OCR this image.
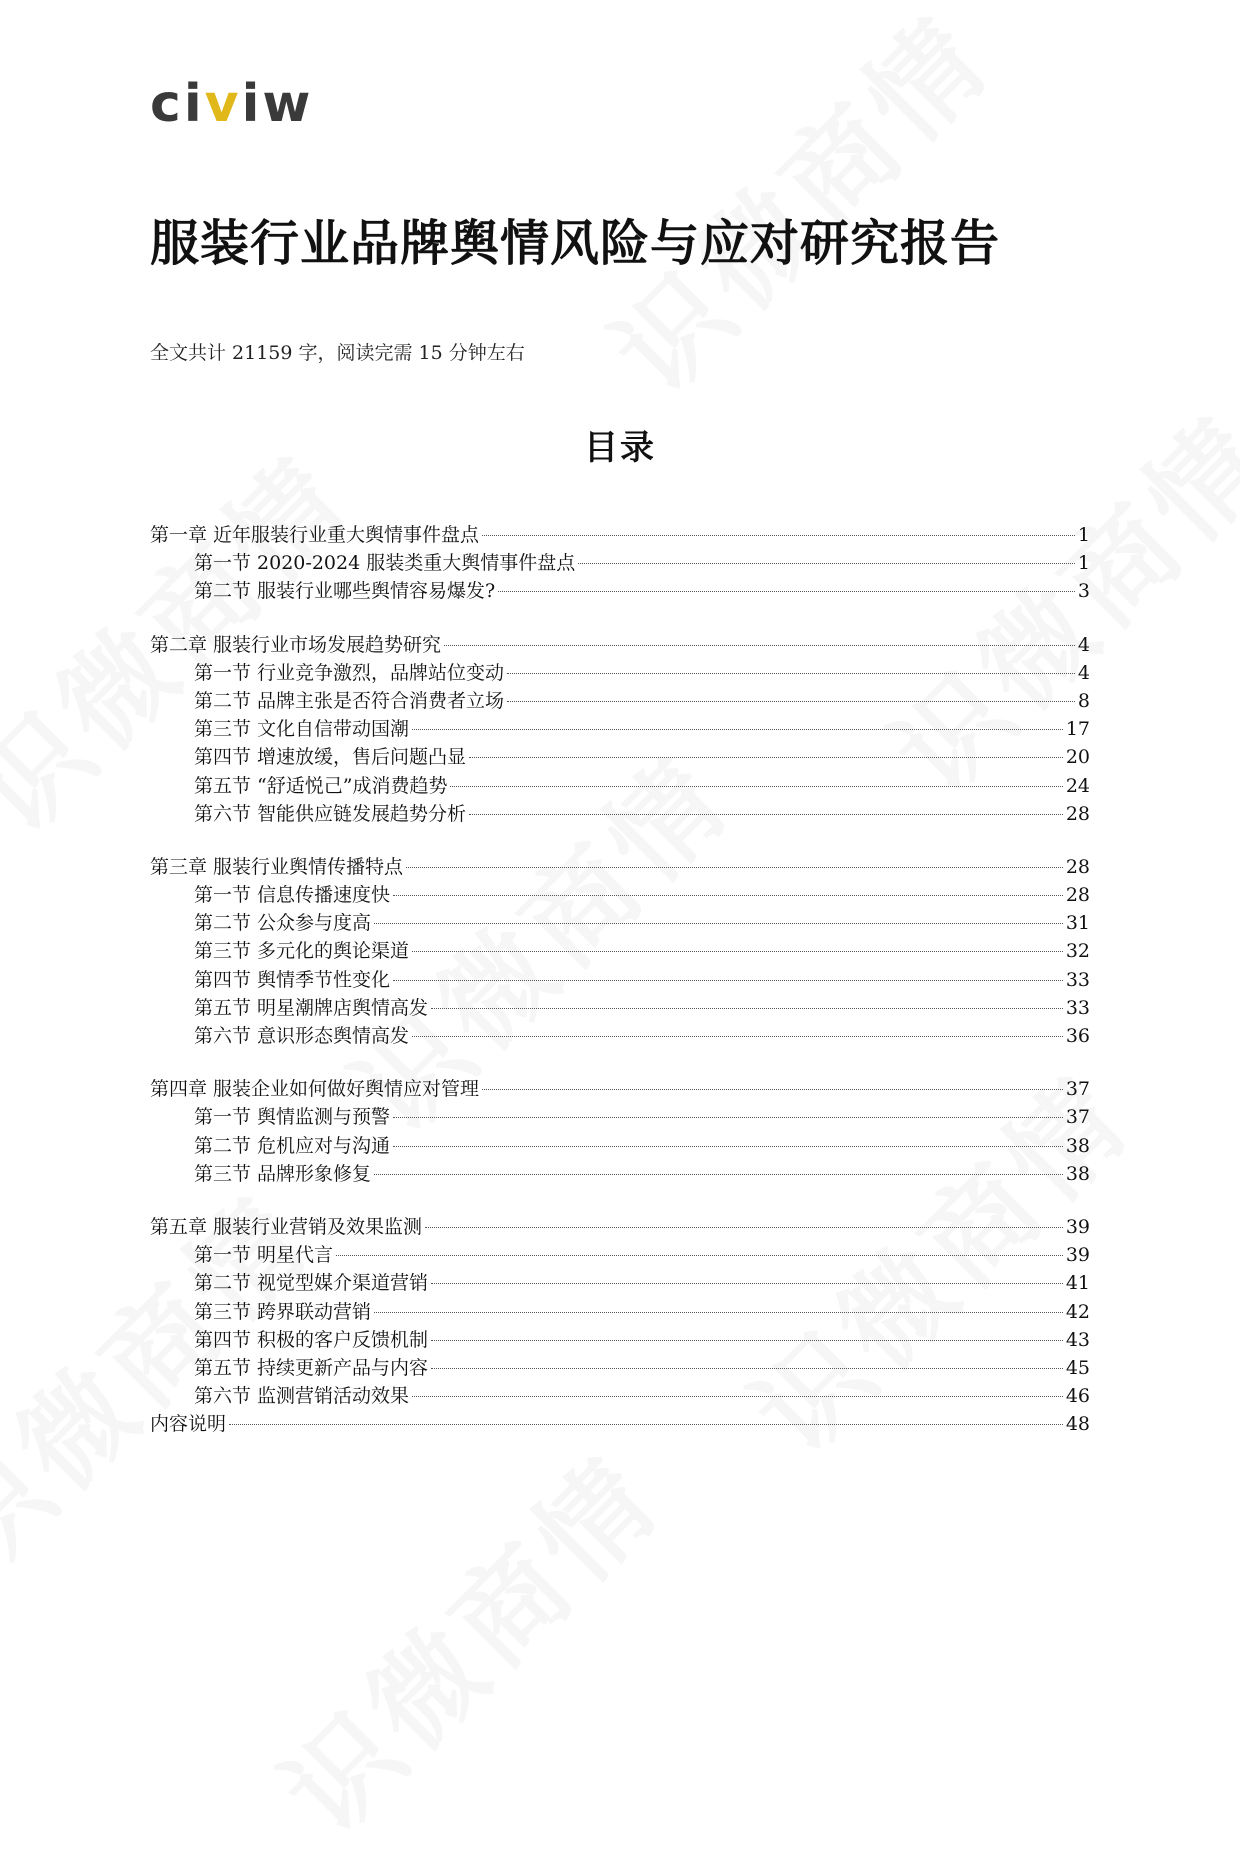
civiw
服装行业品牌舆情风险与应对研究报告
全文共计 21159 字，阅读完需 15 分钟左右
目录
第一章 近年服装行业重大舆情事件盘点	1
第一节 2020-2024 服装类重大舆情事件盘点	1
第二节 服装行业哪些舆情容易爆发?	3
第二章 服装行业市场发展趋势研究	4
第一节 行业竞争激烈，品牌站位变动	4
第二节 品牌主张是否符合消费者立场	8
第三节 文化自信带动国潮	17
第四节 增速放缓，售后问题凸显	20
第五节 “舒适悦己”成消费趋势	24
第六节 智能供应链发展趋势分析	28
第三章 服装行业舆情传播特点	28
第一节 信息传播速度快	28
第二节 公众参与度高	31
第三节 多元化的舆论渠道	32
第四节 舆情季节性变化	33
第五节 明星潮牌店舆情高发	33
第六节 意识形态舆情高发	36
第四章 服装企业如何做好舆情应对管理	37
第一节 舆情监测与预警	37
第二节 危机应对与沟通	38
第三节 品牌形象修复	38
第五章 服装行业营销及效果监测	39
第一节 明星代言	39
第二节 视觉型媒介渠道营销	41
第三节 跨界联动营销	42
第四节 积极的客户反馈机制	43
第五节 持续更新产品与内容	45
第六节 监测营销活动效果	46
内容说明	48
